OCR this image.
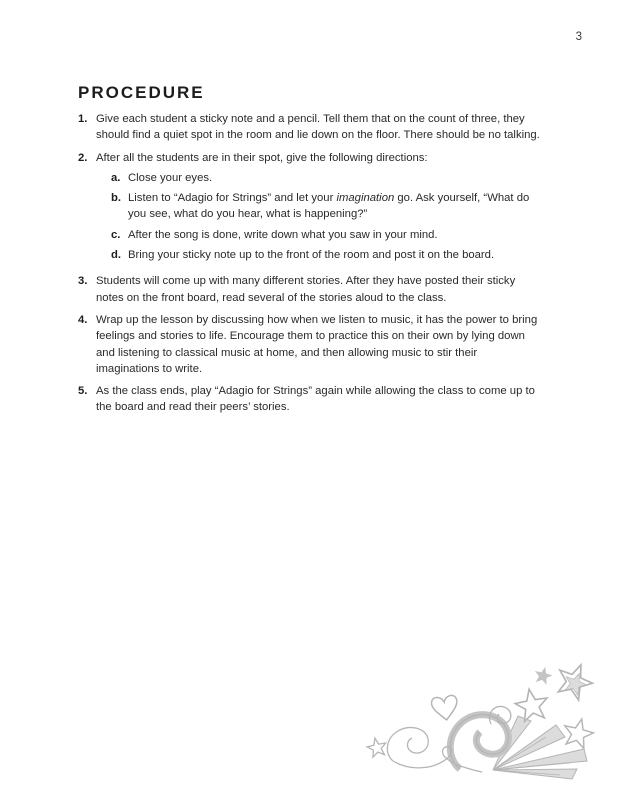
3
PROCEDURE
1. Give each student a sticky note and a pencil. Tell them that on the count of three, they should find a quiet spot in the room and lie down on the floor. There should be no talking.
2. After all the students are in their spot, give the following directions:
a. Close your eyes.
b. Listen to “Adagio for Strings” and let your imagination go. Ask yourself, “What do you see, what do you hear, what is happening?”
c. After the song is done, write down what you saw in your mind.
d. Bring your sticky note up to the front of the room and post it on the board.
3. Students will come up with many different stories. After they have posted their sticky notes on the front board, read several of the stories aloud to the class.
4. Wrap up the lesson by discussing how when we listen to music, it has the power to bring feelings and stories to life. Encourage them to practice this on their own by lying down and listening to classical music at home, and then allowing music to stir their imaginations to write.
5. As the class ends, play “Adagio for Strings” again while allowing the class to come up to the board and read their peers’ stories.
